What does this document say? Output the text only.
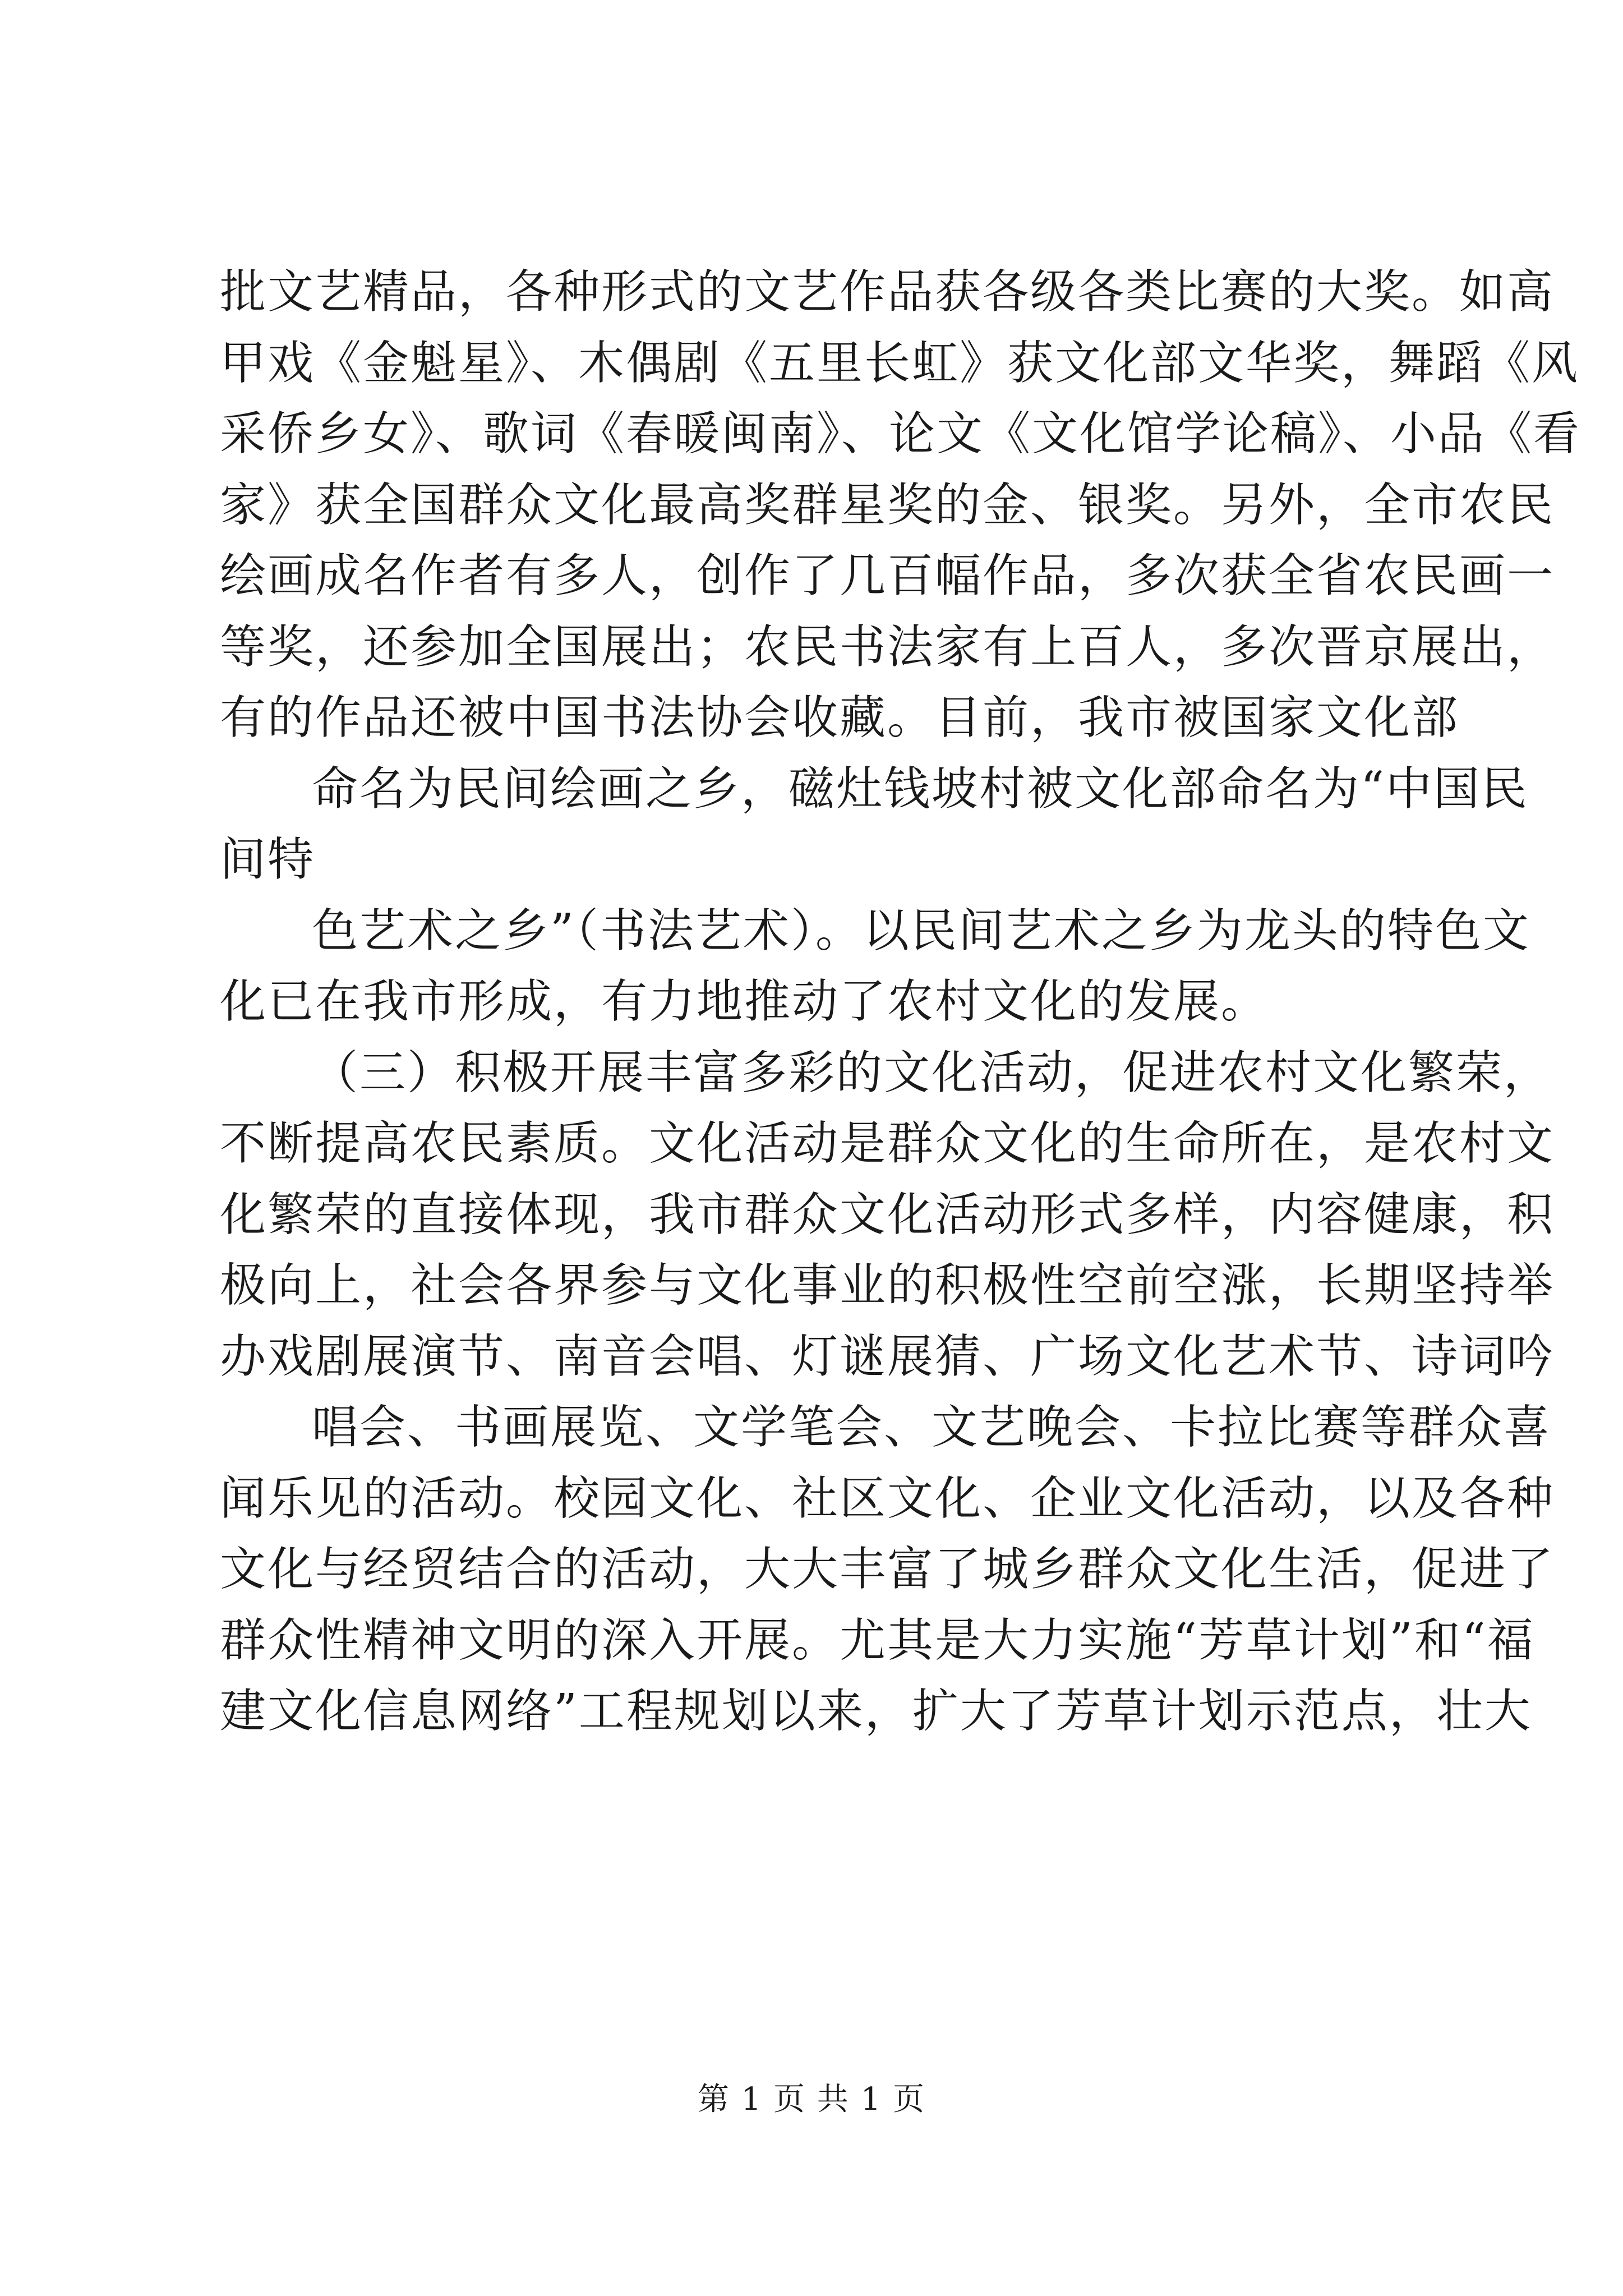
批文艺精品，各种形式的文艺作品获各级各类比赛的大奖。如高
甲戏《金魁星》、木偶剧《五里长虹》获文化部文华奖，舞蹈《风
采侨乡女》、歌词《春暖闽南》、论文《文化馆学论稿》、小品《看
家》获全国群众文化最高奖群星奖的金、银奖。另外，全市农民
绘画成名作者有多人，创作了几百幅作品，多次获全省农民画一
等奖，还参加全国展出；农民书法家有上百人，多次晋京展出，
有的作品还被中国书法协会收藏。目前，我市被国家文化部
命名为民间绘画之乡，磁灶钱坡村被文化部命名为“中国民
间特
色艺术之乡”（书法艺术）。以民间艺术之乡为龙头的特色文
化已在我市形成，有力地推动了农村文化的发展。
（三）积极开展丰富多彩的文化活动，促进农村文化繁荣，
不断提高农民素质。文化活动是群众文化的生命所在，是农村文
化繁荣的直接体现，我市群众文化活动形式多样，内容健康，积
极向上，社会各界参与文化事业的积极性空前空涨，长期坚持举
办戏剧展演节、南音会唱、灯谜展猜、广场文化艺术节、诗词吟
唱会、书画展览、文学笔会、文艺晚会、卡拉比赛等群众喜
闻乐见的活动。校园文化、社区文化、企业文化活动，以及各种
文化与经贸结合的活动，大大丰富了城乡群众文化生活，促进了
群众性精神文明的深入开展。尤其是大力实施“芳草计划”和“福
建文化信息网络”工程规划以来，扩大了芳草计划示范点，壮大
第 1 页 共 1 页
